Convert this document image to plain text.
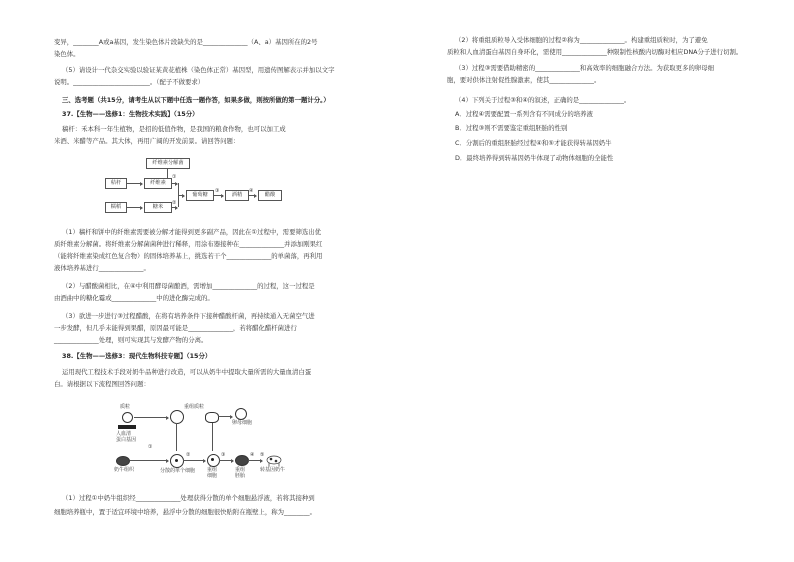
变异，________A或a基因，发生染色体片段缺失的是______________（A、a）基因所在的2号
染色体。
（5）请设计一代杂交实验以验证某黄花植株（染色体正常）基因型，用遗传图解表示并加以文字
说明。________________________。（配子不做要求）
三、选考题（共15分，请考生从以下题中任选一题作答，如果多做，则按所做的第一题计分。）
37.【生物——选修1：生物技术实践】（15分）
稿杆：禾本科一年生植物，是招的低值作物，是我国的粮食作物，也可以加工成
米酒、米醋等产品。其大体，再用广阔的开发前景。请回答问题：
纤维素分解菌
秸杆	纤维素
糯稻	糖米
葡萄糖	酒精	醋酸
①
②
③	④
（1）稿杆和饼中的纤维素需要被分解才能得到更多副产品，因此在①过程中，需要筛选出优
质纤维素分解菌。将纤维素分解菌菌种进行稀释，用涂布器接种在______________并添加刚果红
（能将纤维素染成红色复合物）的固体培养基上，挑选若干个______________的单菌落，再利用
液体培养基进行______________。
（2）与醋酸菌相比，在④中利用酵母菌酿酒，需增加______________的过程，这一过程是
由酒曲中的糖化霉或______________中的进化酶完成的。
（3）欲进一步进行③过程醋酸，在将有培养条件下接种醋酸杆菌，再持续通入无菌空气进
一步发酵，但几乎未能得到果醋，原因最可能是______________，若将醋化醋杆菌进行
______________处理，则可实现其与发酵产物的分离。
38.【生物——选修3：现代生物科技专题】（15分）
运用现代工程技术手段对奶牛品种进行改造，可以从奶牛中提取大量所需的大量血清白蛋
白。请根据以下流程图回答问题：
质粒
人血清
蛋白基因
重组质粒
卵母细胞
①
奶牛组织	分散的单个细胞
②
重组
细胞
③
重组
胚胎
④ ⑤
转基因奶牛
（1）过程①中奶牛组织经______________处理获得分散的单个细胞悬浮液，若将其接种到
细胞培养瓶中，置于适宜环境中培养，悬浮中分散的细胞很快贴附在瓶壁上，称为________。
（2）将重组质粒导入受体细胞的过程②称为______________。构建重组质粒时，为了避免
质粒和人血清蛋白基因自身环化，需使用______________种限制性核酸内切酶对相应DNA分子进行切割。
（3）过程③需要借助精密的______________和高效率的细胞融合方法。为获取更多的卵母细
胞，要对供体注射促性腺激素，使其______________。
（4）下列关于过程③和④的叙述，正确的是______________。
A．过程④需要配置一系列含有不同成分的培养液
B．过程③则不需要鉴定重组胚胎的性别
C．分割后的重组胚胎经过程④和⑤才能获得转基因奶牛
D．最终培养得到转基因奶牛体现了动物体细胞的全能性
